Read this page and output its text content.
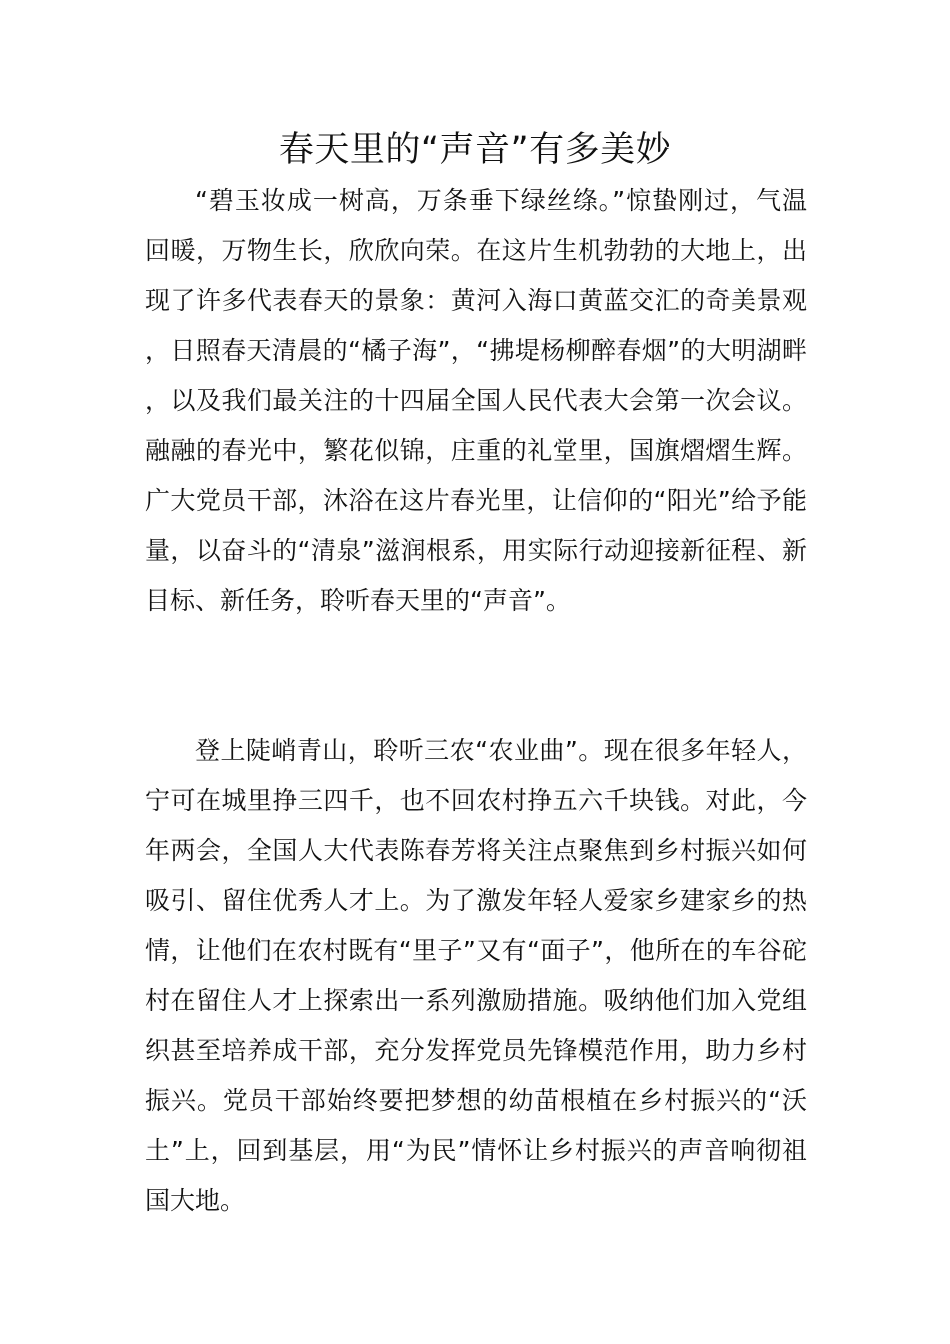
春天里的“声音”有多美妙

“碧玉妆成一树高，万条垂下绿丝绦。”惊蛰刚过，气温回暖，万物生长，欣欣向荣。在这片生机勃勃的大地上，出现了许多代表春天的景象：黄河入海口黄蓝交汇的奇美景观，日照春天清晨的“橘子海”，“拂堤杨柳醉春烟”的大明湖畔，以及我们最关注的十四届全国人民代表大会第一次会议。融融的春光中，繁花似锦，庄重的礼堂里，国旗熠熠生辉。广大党员干部，沐浴在这片春光里，让信仰的“阳光”给予能量，以奋斗的“清泉”滋润根系，用实际行动迎接新征程、新目标、新任务，聆听春天里的“声音”。

登上陡峭青山，聆听三农“农业曲”。现在很多年轻人，宁可在城里挣三四千，也不回农村挣五六千块钱。对此，今年两会，全国人大代表陈春芳将关注点聚焦到乡村振兴如何吸引、留住优秀人才上。为了激发年轻人爱家乡建家乡的热情，让他们在农村既有“里子”又有“面子”，他所在的车谷砣村在留住人才上探索出一系列激励措施。吸纳他们加入党组织甚至培养成干部，充分发挥党员先锋模范作用，助力乡村振兴。党员干部始终要把梦想的幼苗根植在乡村振兴的“沃土”上，回到基层，用“为民”情怀让乡村振兴的声音响彻祖国大地。
